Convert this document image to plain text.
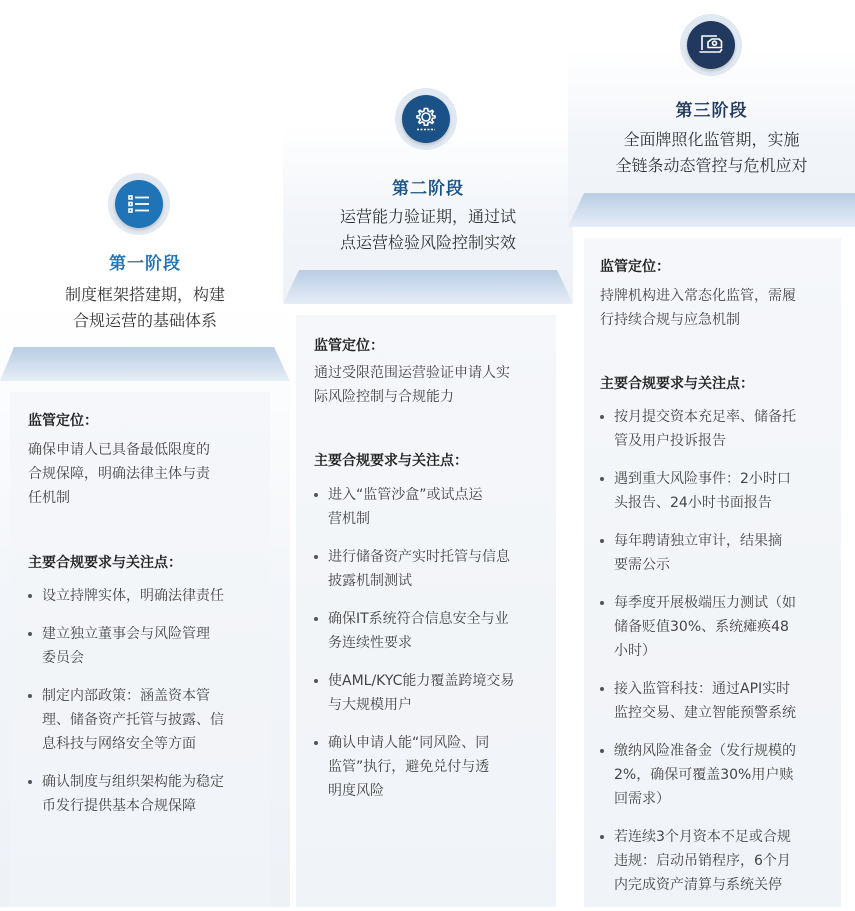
第一阶段
制度框架搭建期，构建
合规运营的基础体系
监管定位：
确保申请人已具备最低限度的
合规保障，明确法律主体与责
任机制
主要合规要求与关注点：
设立持牌实体，明确法律责任
建立独立董事会与风险管理
委员会
制定内部政策：涵盖资本管
理、储备资产托管与披露、信
息科技与网络安全等方面
确认制度与组织架构能为稳定
币发行提供基本合规保障
第二阶段
运营能力验证期，通过试
点运营检验风险控制实效
监管定位：
通过受限范围运营验证申请人实
际风险控制与合规能力
主要合规要求与关注点：
进入“监管沙盒”或试点运
营机制
进行储备资产实时托管与信息
披露机制测试
确保IT系统符合信息安全与业
务连续性要求
使AML/KYC能力覆盖跨境交易
与大规模用户
确认申请人能“同风险、同
监管”执行，避免兑付与透
明度风险
第三阶段
全面牌照化监管期，实施
全链条动态管控与危机应对
监管定位：
持牌机构进入常态化监管，需履
行持续合规与应急机制
主要合规要求与关注点：
按月提交资本充足率、储备托
管及用户投诉报告
遇到重大风险事件：2小时口
头报告、24小时书面报告
每年聘请独立审计，结果摘
要需公示
每季度开展极端压力测试（如
储备贬值30%、系统瘫痪48
小时）
接入监管科技：通过API实时
监控交易、建立智能预警系统
缴纳风险准备金（发行规模的
2%，确保可覆盖30%用户赎
回需求）
若连续3个月资本不足或合规
违规：启动吊销程序，6个月
内完成资产清算与系统关停
